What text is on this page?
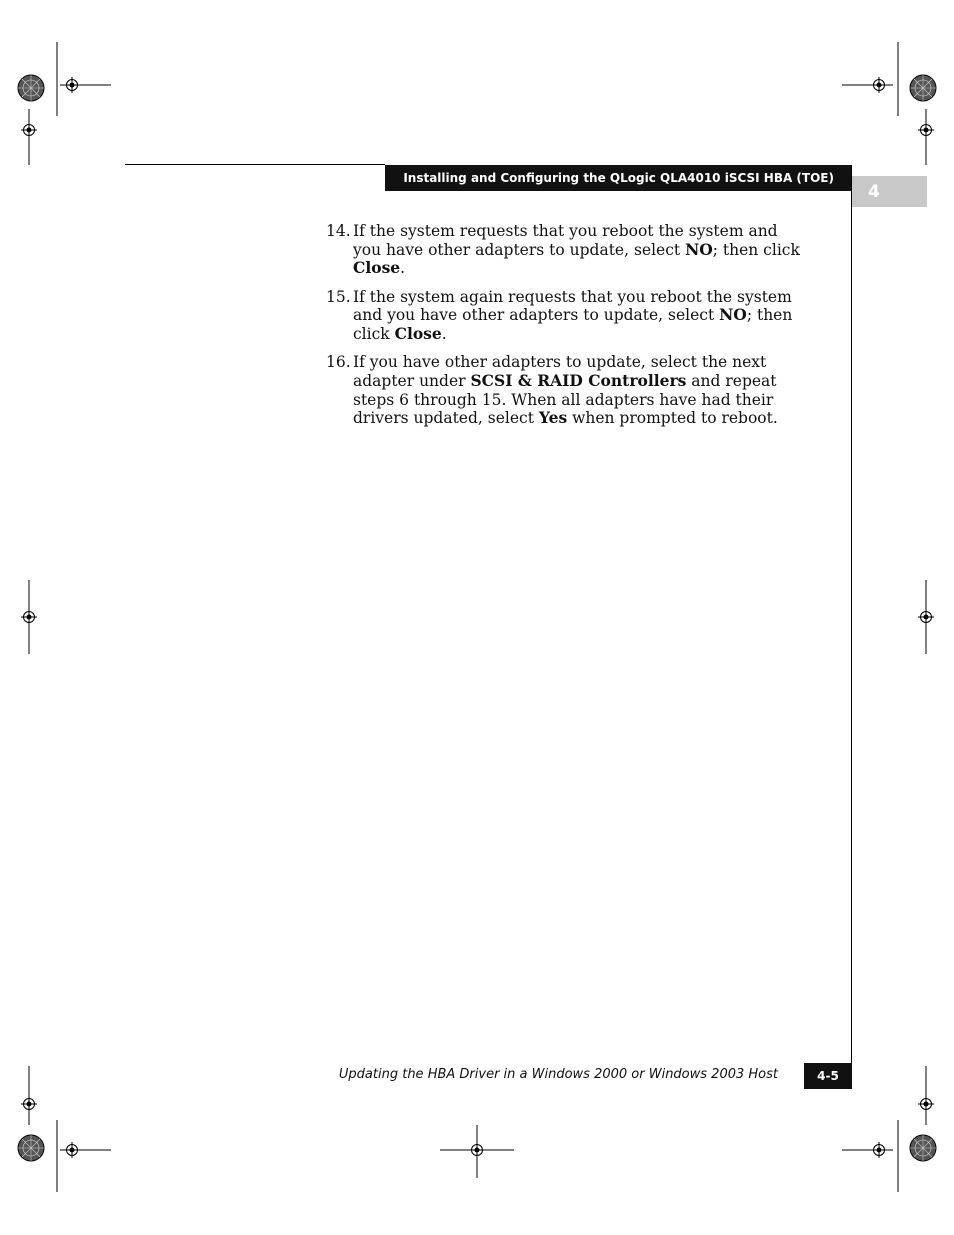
Installing and Configuring the QLogic QLA4010 iSCSI HBA (TOE)
4
14. If the system requests that you reboot the system and you have other adapters to update, select NO; then click Close.
15. If the system again requests that you reboot the system and you have other adapters to update, select NO; then click Close.
16. If you have other adapters to update, select the next adapter under SCSI & RAID Controllers and repeat steps 6 through 15. When all adapters have had their drivers updated, select Yes when prompted to reboot.
Updating the HBA Driver in a Windows 2000 or Windows 2003 Host	4-5
